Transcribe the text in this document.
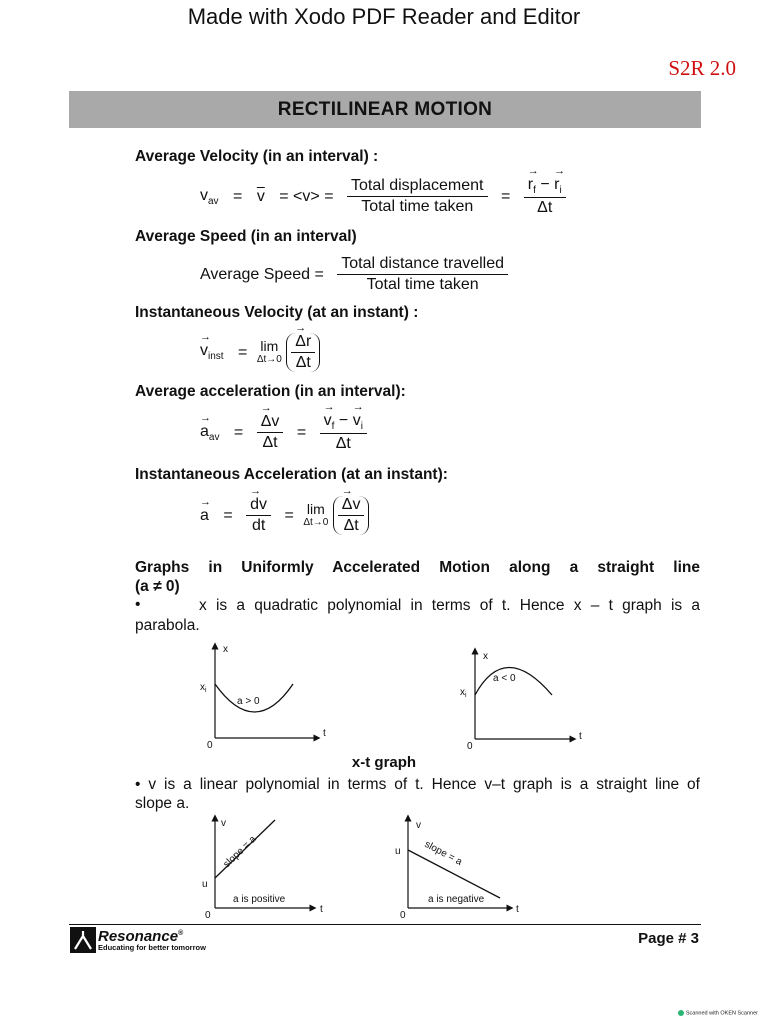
Made with Xodo PDF Reader and Editor
S2R 2.0
RECTILINEAR MOTION
Average Velocity (in an interval) :
$v_{av} = \overline{v} = <v> = \frac{\text{Total displacement}}{\text{Total time taken}}$ = → $\frac{r_f - \to r_i}{\Delta t}$
Average Speed (in an interval)
Average Speed = $\frac{\text{Total distance travelled}}{\text{Total time taken}}$
Instantaneous Velocity (at an instant) :
→ $v_{inst} = \lim$
Δt→0
→ $\frac{\Delta r}{\Delta t}$
Average acceleration (in an interval):
→ $a_{av}$ = → $\frac{\Delta v}{\Delta t}$ = → $\frac{v_f - \to v_i}{\Delta t}$
Instantaneous Acceleration (at an instant):
→ a = → $\frac{dv}{dt} = \lim$
Δt→0
→ $\frac{\Delta v}{\Delta t}$
Graphs in Uniformly Accelerated Motion along a straight line
(a ≠ 0)
•	x is a quadratic polynomial in terms of t. Hence x – t graph is a
parabola.
x
t
0
$x_i$
a > 0
x
t
0
$x_i$
a < 0
x-t graph
• v is a linear polynomial in terms of t. Hence v–t graph is a straight line of
slope a.
v
t
0
u
slope = a
a is positive
v
t
0
u slope = a
a is negative
Resonance®
Educating for better tomorrow
Page # 3
Scanned with OKEN Scanner
